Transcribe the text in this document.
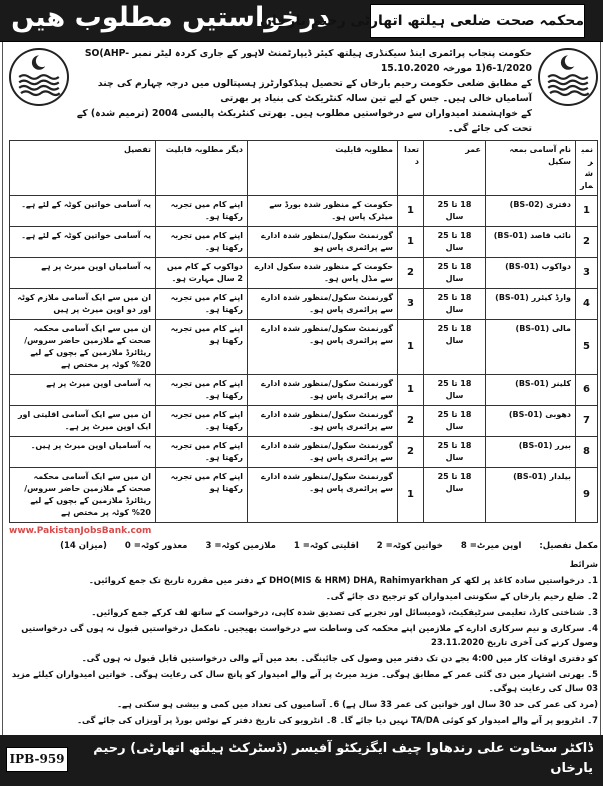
درخواستیں مطلوب ھیں
محکمہ صحت ضلعی ہیلتھ اتھارٹی رحیم یارخاں
حکومت پنجاب پرائمری اینڈ سیکنڈری ہیلتھ کیئر ڈیپارٹمنٹ لاہور کے جاری کردہ لیٹر نمبر SO(AHP-1)6-1/2020 مورخہ 15.10.2020
کے مطابق ضلعی حکومت رحیم یارخاں کے تحصیل ہیڈکوارٹرز ہسپتالوں میں درجہ چہارم کی چند آسامیاں خالی ہیں۔ جس کے لیے تین سالہ کنٹریکٹ کی بنیاد پر بھرتی
کے خواہشمند امیدواران سے درخواستیں مطلوب ہیں۔ بھرتی کنٹریکٹ پالیسی 2004 (ترمیم شدہ) کے تحت کی جائے گی۔
نمبر شمار	نام آسامی بمعہ سکیل	عمر	تعداد	مطلوبہ قابلیت	دیگر مطلوبہ قابلیت	تفصیل
1	دفتری (BS-02)	18 تا 25 سال	1	حکومت کے منظور شدہ بورڈ سے میٹرک پاس ہو۔	اپنے کام میں تجربہ رکھتا ہو۔	یہ آسامی خواتین کوٹہ کے لئے ہے۔
2	نائب قاصد (BS-01)	18 تا 25 سال	1	گورنمنٹ سکول/منظور شدہ ادارے سے پرائمری پاس ہو	اپنے کام میں تجربہ رکھتا ہو۔	یہ آسامی خواتین کوٹہ کے لئے ہے۔
3	دواکوب (BS-01)	18 تا 25 سال	2	حکومت کے منظور شدہ سکول ادارے سے مڈل پاس ہو۔	دواکوب کے کام میں 2 سال مہارت ہو۔	یہ آسامیاں اوپن میرٹ پر ہے
4	وارڈ کیئرر (BS-01)	18 تا 25 سال	3	گورنمنٹ سکول/منظور شدہ ادارے سے پرائمری پاس ہو۔	اپنے کام میں تجربہ رکھتا ہو۔	ان میں سے ایک آسامی ملازم کوٹہ اور دو اوپن میرٹ پر ہیں
5	مالی (BS-01)	18 تا 25 سال	1	گورنمنٹ سکول/منظور شدہ ادارے سے پرائمری پاس ہو۔	اپنے کام میں تجربہ رکھتا ہو	ان میں سے ایک آسامی محکمہ صحت کے ملازمین حاضر سروس/ریٹائرڈ ملازمین کے بچوں کے لیے 20% کوٹہ پر مختص ہے
6	کلینر (BS-01)	18 تا 25 سال	1	گورنمنٹ سکول/منظور شدہ ادارے سے پرائمری پاس ہو۔	اپنے کام میں تجربہ رکھتا ہو۔	یہ آسامی اوپن میرٹ پر ہے
7	دھوبی (BS-01)	18 تا 25 سال	2	گورنمنٹ سکول/منظور شدہ ادارے سے پرائمری پاس ہو۔	اپنے کام میں تجربہ رکھتا ہو۔	ان میں سے ایک آسامی اقلیتی اور ایک اوپن میرٹ پر ہے۔
8	بیرر (BS-01)	18 تا 25 سال	2	گورنمنٹ سکول/منظور شدہ ادارے سے پرائمری پاس ہو۔	اپنے کام میں تجربہ رکھتا ہو۔	یہ آسامیاں اوپن میرٹ پر ہیں۔
9	بیلدار (BS-01)	18 تا 25 سال	1	گورنمنٹ سکول/منظور شدہ ادارے سے پرائمری پاس ہو۔	اپنے کام میں تجربہ رکھتا ہو	ان میں سے ایک آسامی محکمہ صحت کے ملازمین حاضر سروس/ریٹائرڈ ملازمین کے بچوں کے لیے 20% کوٹہ پر مختص ہے
www.PakistanJobsBank.com
مکمل تفصیل:
اوپن میرٹ= 8
خواتین کوٹہ= 2
اقلیتی کوٹہ= 1
ملازمین کوٹہ= 3
معذور کوٹہ= 0
(میزان 14)
شرائط
1۔ درخواستیں سادہ کاغذ پر لکھ کر DHO(MIS & HRM) DHA, Rahimyarkhan کے دفتر میں مقررہ تاریخ تک جمع کروائیں۔
2۔ ضلع رحیم یارخاں کے سکونتی امیدواران کو ترجیح دی جائے گی۔
3۔ شناختی کارڈ، تعلیمی سرٹیفکیٹ، ڈومیسائل اور تجربے کی تصدیق شدہ کاپی، درخواست کے ساتھ لف کرکے جمع کروائیں۔
4۔ سرکاری و نیم سرکاری ادارے کے ملازمین اپنے محکمہ کی وساطت سے درخواست بھیجیں۔ نامکمل درخواستیں قبول نہ ہوں گی درخواستیں وصول کرنے کی آخری تاریخ 23.11.2020
کو دفتری اوقات کار میں 4:00 بجے دن تک دفتر میں وصول کی جائینگی۔ بعد میں آنے والی درخواستیں قابل قبول نہ ہوں گی۔
5۔ بھرتی اشتہار میں دی گئی عمر کے مطابق ہوگی۔ مزید میرٹ پر آنے والے امیدوار کو پانچ سال کی رعایت ہوگی۔ خواتین امیدواران کیلئے مزید 03 سال کی رعایت ہوگی۔
(مرد کی عمر کی حد 30 سال اور خواتین کی عمر 33 سال ہے) 6۔ آسامیوں کی تعداد میں کمی و بیشی ہو سکتی ہے۔
7۔ انٹرویو پر آنے والے امیدوار کو کوئی TA/DA نہیں دیا جائے گا۔ 8۔ انٹرویو کی تاریخ دفتر کے نوٹس بورڈ پر آویزاں کی جائے گی۔
ڈاکٹر سخاوت علی رندھاوا چیف ایگزیکٹو آفیسر (ڈسٹرکٹ ہیلتھ اتھارٹی) رحیم یارخاں
IPB-959
